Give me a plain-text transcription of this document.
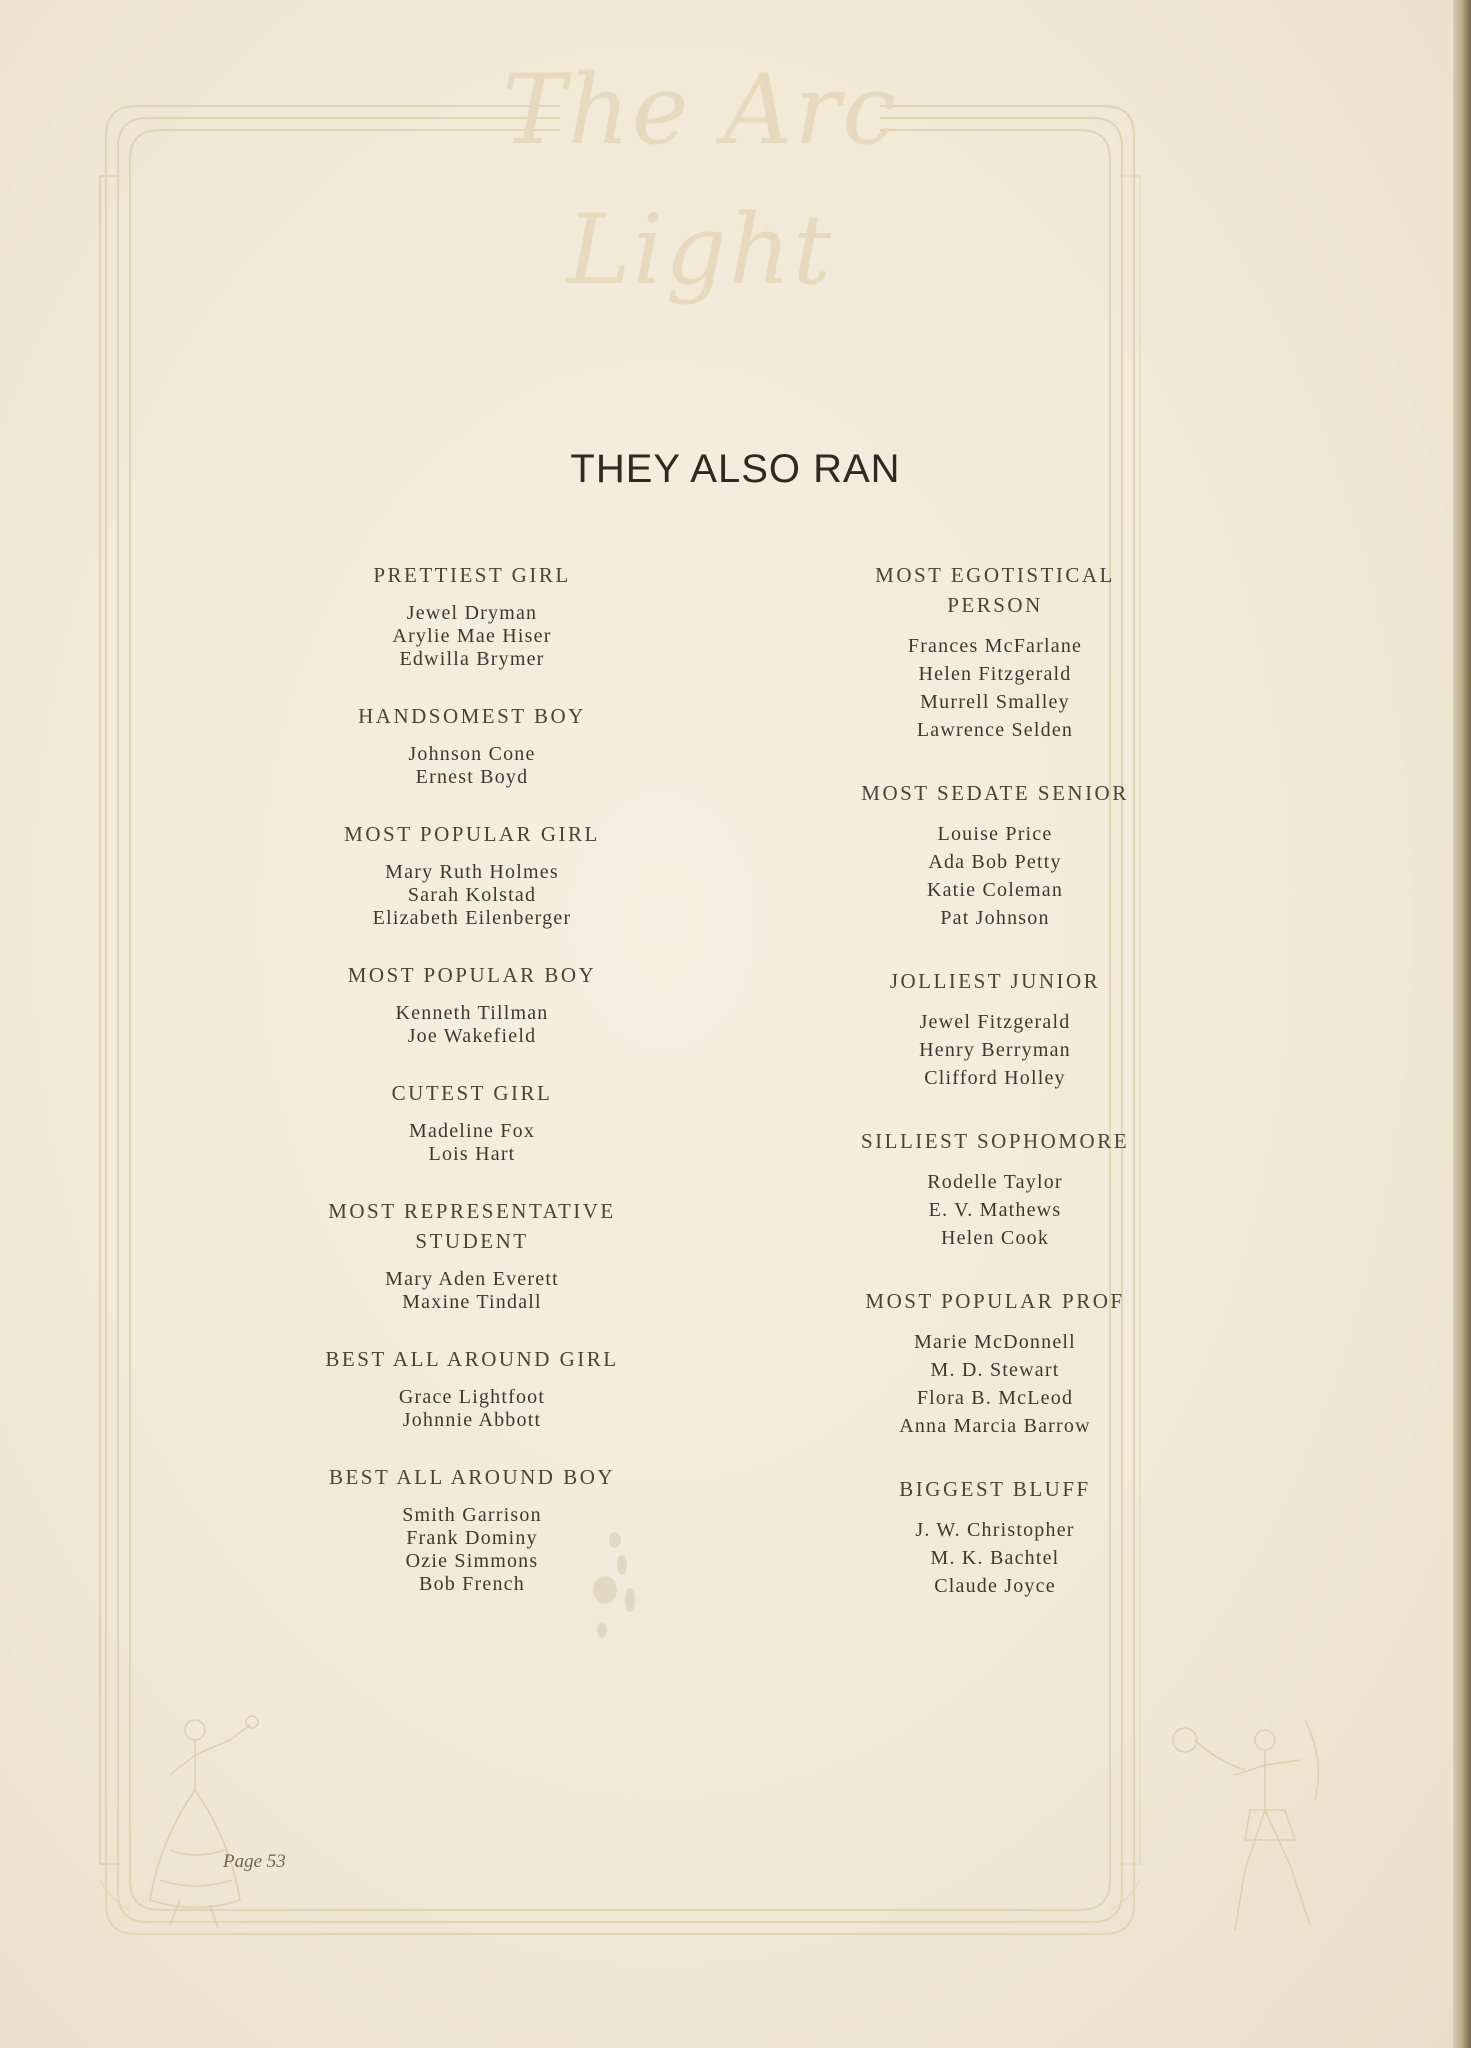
The Arc Light
THEY ALSO RAN
PRETTIEST GIRL
Jewel Dryman
Arylie Mae Hiser
Edwilla Brymer
HANDSOMEST BOY
Johnson Cone
Ernest Boyd
MOST POPULAR GIRL
Mary Ruth Holmes
Sarah Kolstad
Elizabeth Eilenberger
MOST POPULAR BOY
Kenneth Tillman
Joe Wakefield
CUTEST GIRL
Madeline Fox
Lois Hart
MOST REPRESENTATIVE STUDENT
Mary Aden Everett
Maxine Tindall
BEST ALL AROUND GIRL
Grace Lightfoot
Johnnie Abbott
BEST ALL AROUND BOY
Smith Garrison
Frank Dominy
Ozie Simmons
Bob French
MOST EGOTISTICAL PERSON
Frances McFarlane
Helen Fitzgerald
Murrell Smalley
Lawrence Selden
MOST SEDATE SENIOR
Louise Price
Ada Bob Petty
Katie Coleman
Pat Johnson
JOLLIEST JUNIOR
Jewel Fitzgerald
Henry Berryman
Clifford Holley
SILLIEST SOPHOMORE
Rodelle Taylor
E. V. Mathews
Helen Cook
MOST POPULAR PROF
Marie McDonnell
M. D. Stewart
Flora B. McLeod
Anna Marcia Barrow
BIGGEST BLUFF
J. W. Christopher
M. K. Bachtel
Claude Joyce
Page 53
